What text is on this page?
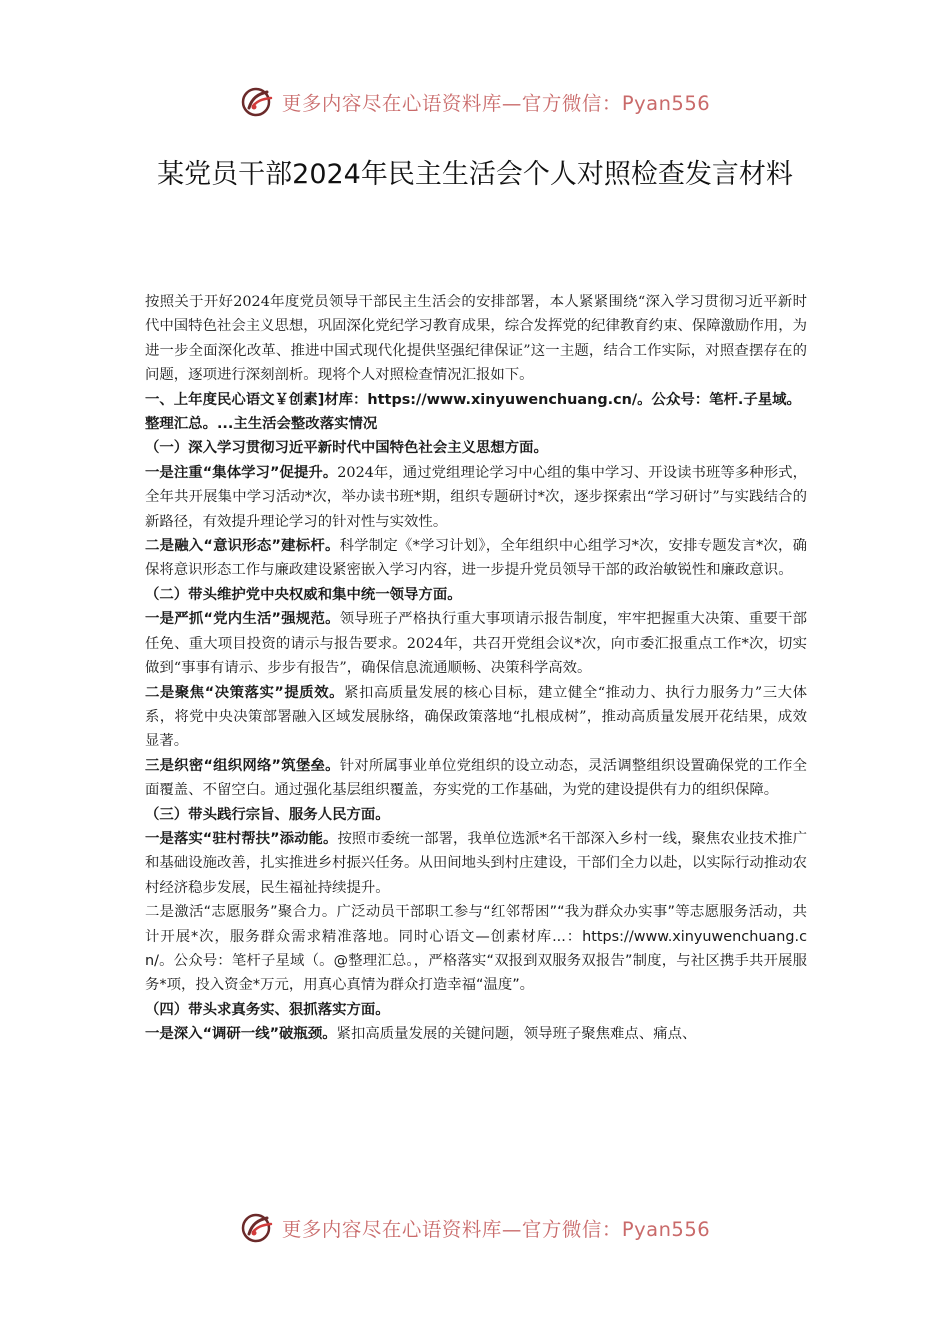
更多内容尽在心语资料库—官方微信：Pyan556
某党员干部2024年民主生活会个人对照检查发言材料

按照关于开好2024年度党员领导干部民主生活会的安排部署，本人紧紧围绕“深入学习贯彻习近平新时代中国特色社会主义思想，巩固深化党纪学习教育成果，综合发挥党的纪律教育约束、保障激励作用，为进一步全面深化改革、推进中国式现代化提供坚强纪律保证”这一主题，结合工作实际，对照查摆存在的问题，逐项进行深刻剖析。现将个人对照检查情况汇报如下。

一、上年度民心语文￥创素]材库：https://www.xinyuwenchuang.cn/。公众号：笔杆.子星域。整理汇总。...主生活会整改落实情况

（一）深入学习贯彻习近平新时代中国特色社会主义思想方面。

一是注重“集体学习”促提升。2024年，通过党组理论学习中心组的集中学习、开设读书班等多种形式，全年共开展集中学习活动*次，举办读书班*期，组织专题研讨*次，逐步探索出“学习研讨”与实践结合的新路径，有效提升理论学习的针对性与实效性。

二是融入“意识形态”建标杆。科学制定《*学习计划》，全年组织中心组学习*次，安排专题发言*次，确保将意识形态工作与廉政建设紧密嵌入学习内容，进一步提升党员领导干部的政治敏锐性和廉政意识。

（二）带头维护党中央权威和集中统一领导方面。

一是严抓“党内生活”强规范。领导班子严格执行重大事项请示报告制度，牢牢把握重大决策、重要干部任免、重大项目投资的请示与报告要求。2024年，共召开党组会议*次，向市委汇报重点工作*次，切实做到“事事有请示、步步有报告”，确保信息流通顺畅、决策科学高效。

二是聚焦“决策落实”提质效。紧扣高质量发展的核心目标，建立健全“推动力、执行力服务力”三大体系，将党中央决策部署融入区域发展脉络，确保政策落地“扎根成树”，推动高质量发展开花结果，成效显著。

三是织密“组织网络”筑堡垒。针对所属事业单位党组织的设立动态，灵活调整组织设置确保党的工作全面覆盖、不留空白。通过强化基层组织覆盖，夯实党的工作基础，为党的建设提供有力的组织保障。

（三）带头践行宗旨、服务人民方面。

一是落实“驻村帮扶”添动能。按照市委统一部署，我单位选派*名干部深入乡村一线，聚焦农业技术推广和基础设施改善，扎实推进乡村振兴任务。从田间地头到村庄建设，干部们全力以赴，以实际行动推动农村经济稳步发展，民生福祉持续提升。

二是激活“志愿服务”聚合力。广泛动员干部职工参与“红邻帮困”“我为群众办实事”等志愿服务活动，共计开展*次，服务群众需求精准落地。同时心语文—创素材库...：https://www.xinyuwenchuang.cn/。公众号：笔杆子星域（。@整理汇总。，严格落实“双报到双服务双报告”制度，与社区携手共开展服务*项，投入资金*万元，用真心真情为群众打造幸福“温度”。

（四）带头求真务实、狠抓落实方面。

一是深入“调研一线”破瓶颈。紧扣高质量发展的关键问题，领导班子聚焦难点、痛点、

更多内容尽在心语资料库—官方微信：Pyan556
